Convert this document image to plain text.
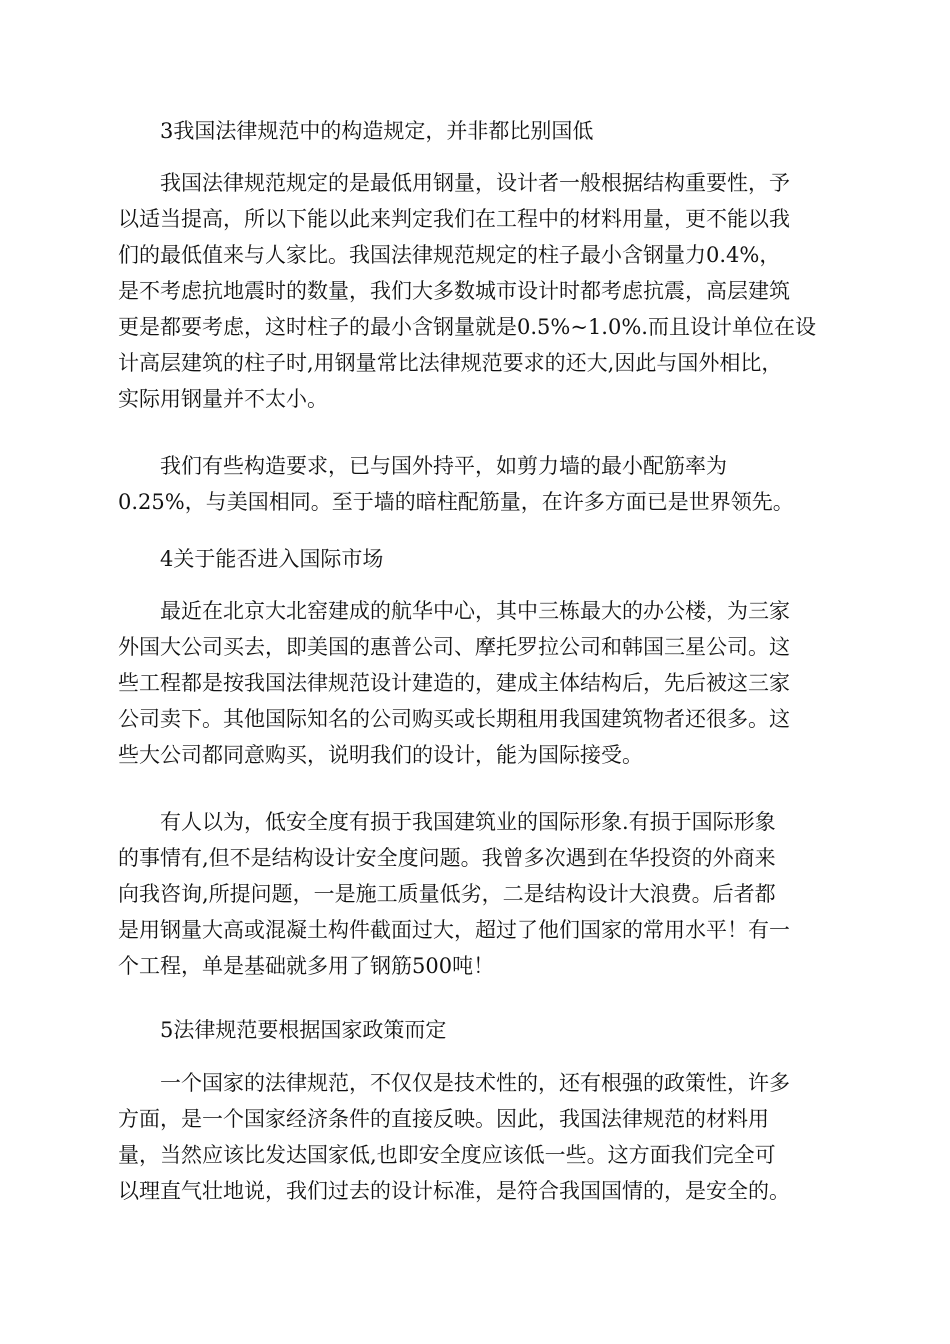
3我国法律规范中的构造规定，并非都比别国低
我国法律规范规定的是最低用钢量，设计者一般根据结构重要性，予
以适当提高，所以下能以此来判定我们在工程中的材料用量，更不能以我
们的最低值来与人家比。我国法律规范规定的柱子最小含钢量力0.4%，
是不考虑抗地震时的数量，我们大多数城市设计时都考虑抗震，高层建筑
更是都要考虑，这时柱子的最小含钢量就是0.5%~1.0%.而且设计单位在设
计高层建筑的柱子时,用钢量常比法律规范要求的还大,因此与国外相比，
实际用钢量并不太小。
我们有些构造要求，已与国外持平，如剪力墙的最小配筋率为
0.25%，与美国相同。至于墙的暗柱配筋量，在许多方面已是世界领先。
4关于能否进入国际市场
最近在北京大北窑建成的航华中心，其中三栋最大的办公楼，为三家
外国大公司买去，即美国的惠普公司、摩托罗拉公司和韩国三星公司。这
些工程都是按我国法律规范设计建造的，建成主体结构后，先后被这三家
公司卖下。其他国际知名的公司购买或长期租用我国建筑物者还很多。这
些大公司都同意购买，说明我们的设计，能为国际接受。
有人以为，低安全度有损于我国建筑业的国际形象.有损于国际形象
的事情有,但不是结构设计安全度问题。我曾多次遇到在华投资的外商来
向我咨询,所提问题，一是施工质量低劣，二是结构设计大浪费。后者都
是用钢量大高或混凝土构件截面过大，超过了他们国家的常用水平！有一
个工程，单是基础就多用了钢筋500吨！
5法律规范要根据国家政策而定
一个国家的法律规范，不仅仅是技术性的，还有根强的政策性，许多
方面，是一个国家经济条件的直接反映。因此，我国法律规范的材料用
量，当然应该比发达国家低,也即安全度应该低一些。这方面我们完全可
以理直气壮地说，我们过去的设计标准，是符合我国国情的，是安全的。
